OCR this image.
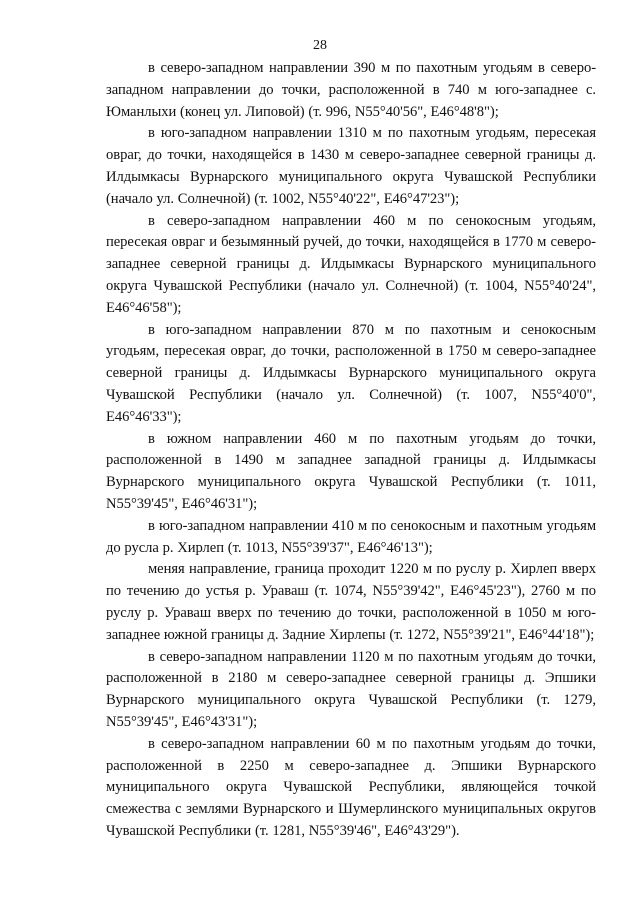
28

в северо-западном направлении 390 м по пахотным угодьям в северо-западном направлении до точки, расположенной в 740 м юго-западнее с. Юманлыхи (конец ул. Липовой) (т. 996, N55°40'56", E46°48'8");

в юго-западном направлении 1310 м по пахотным угодьям, пересекая овраг, до точки, находящейся в 1430 м северо-западнее северной границы д. Илдымкасы Вурнарского муниципального округа Чувашской Республики (начало ул. Солнечной) (т. 1002, N55°40'22", E46°47'23");

в северо-западном направлении 460 м по сенокосным угодьям, пересекая овраг и безымянный ручей, до точки, находящейся в 1770 м северо-западнее северной границы д. Илдымкасы Вурнарского муниципального округа Чувашской Республики (начало ул. Солнечной) (т. 1004, N55°40'24", E46°46'58");

в юго-западном направлении 870 м по пахотным и сенокосным угодьям, пересекая овраг, до точки, расположенной в 1750 м северо-западнее северной границы д. Илдымкасы Вурнарского муниципального округа Чувашской Республики (начало ул. Солнечной) (т. 1007, N55°40'0", E46°46'33");

в южном направлении 460 м по пахотным угодьям до точки, расположенной в 1490 м западнее западной границы д. Илдымкасы Вурнарского муниципального округа Чувашской Республики (т. 1011, N55°39'45", E46°46'31");

в юго-западном направлении 410 м по сенокосным и пахотным угодьям до русла р. Хирлеп (т. 1013, N55°39'37", E46°46'13");

меняя направление, граница проходит 1220 м по руслу р. Хирлеп вверх по течению до устья р. Ураваш (т. 1074, N55°39'42", E46°45'23"), 2760 м по руслу р. Ураваш вверх по течению до точки, расположенной в 1050 м юго-западнее южной границы д. Задние Хирлепы (т. 1272, N55°39'21", E46°44'18");

в северо-западном направлении 1120 м по пахотным угодьям до точки, расположенной в 2180 м северо-западнее северной границы д. Эпшики Вурнарского муниципального округа Чувашской Республики (т. 1279, N55°39'45", E46°43'31");

в северо-западном направлении 60 м по пахотным угодьям до точки, расположенной в 2250 м северо-западнее д. Эпшики Вурнарского муниципального округа Чувашской Республики, являющейся точкой смежества с землями Вурнарского и Шумерлинского муниципальных округов Чувашской Республики (т. 1281, N55°39'46", E46°43'29").
